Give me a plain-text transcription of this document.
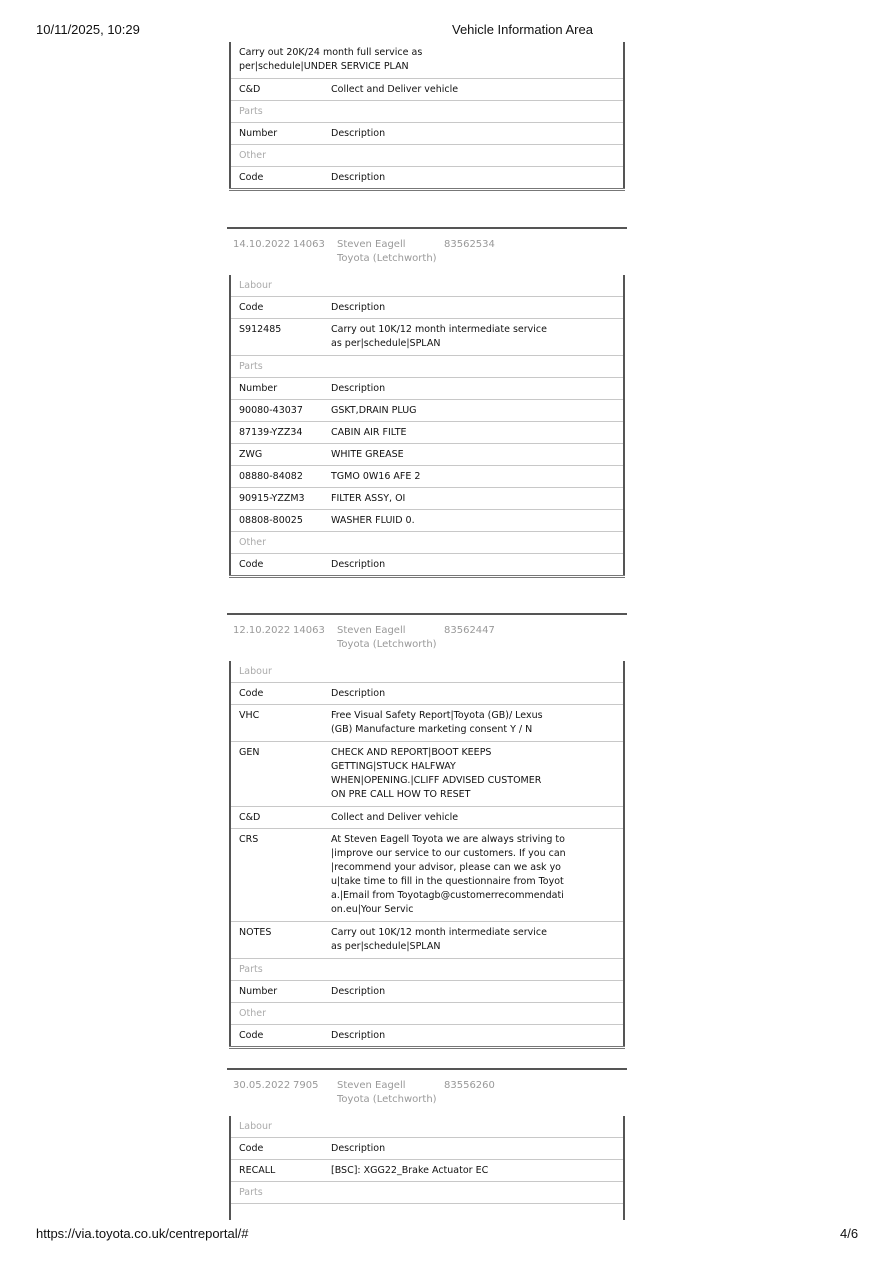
10/11/2025, 10:29	Vehicle Information Area
Carry out 20K/24 month full service as per|schedule|UNDER SERVICE PLAN	
C&D	Collect and Deliver vehicle
Parts	
Number	Description
Other	
Code	Description
14.10.2022 14063 Steven Eagell Toyota (Letchworth)
83562534
Labour	
Code	Description
S912485	Carry out 10K/12 month intermediate service as per|schedule|SPLAN
Parts	
Number	Description
90080-43037	GSKT,DRAIN PLUG
87139-YZZ34	CABIN AIR FILTE
ZWG	WHITE GREASE
08880-84082	TGMO 0W16 AFE 2
90915-YZZM3	FILTER ASSY, OI
08808-80025	WASHER FLUID 0.
Other	
Code	Description
12.10.2022 14063 Steven Eagell Toyota (Letchworth)
83562447
Labour	
Code	Description
VHC	Free Visual Safety Report|Toyota (GB)/ Lexus (GB) Manufacture marketing consent Y / N
GEN	CHECK AND REPORT|BOOT KEEPS GETTING|STUCK HALFWAY WHEN|OPENING.|CLIFF ADVISED CUSTOMER ON PRE CALL HOW TO RESET
C&D	Collect and Deliver vehicle
CRS	At Steven Eagell Toyota we are always striving to|improve our service to our customers. If you can|recommend your advisor, please can we ask you|take time to fill in the questionnaire from Toyota.|Email from Toyotagb@customerrecommendation.eu|Your Servic
NOTES	Carry out 10K/12 month intermediate service as per|schedule|SPLAN
Parts	
Number	Description
Other	
Code	Description
30.05.2022 7905 Steven Eagell Toyota (Letchworth)
83556260
Labour	
Code	Description
RECALL	[BSC]: XGG22_Brake Actuator EC
Parts	
https://via.toyota.co.uk/centreportal/#	4/6
